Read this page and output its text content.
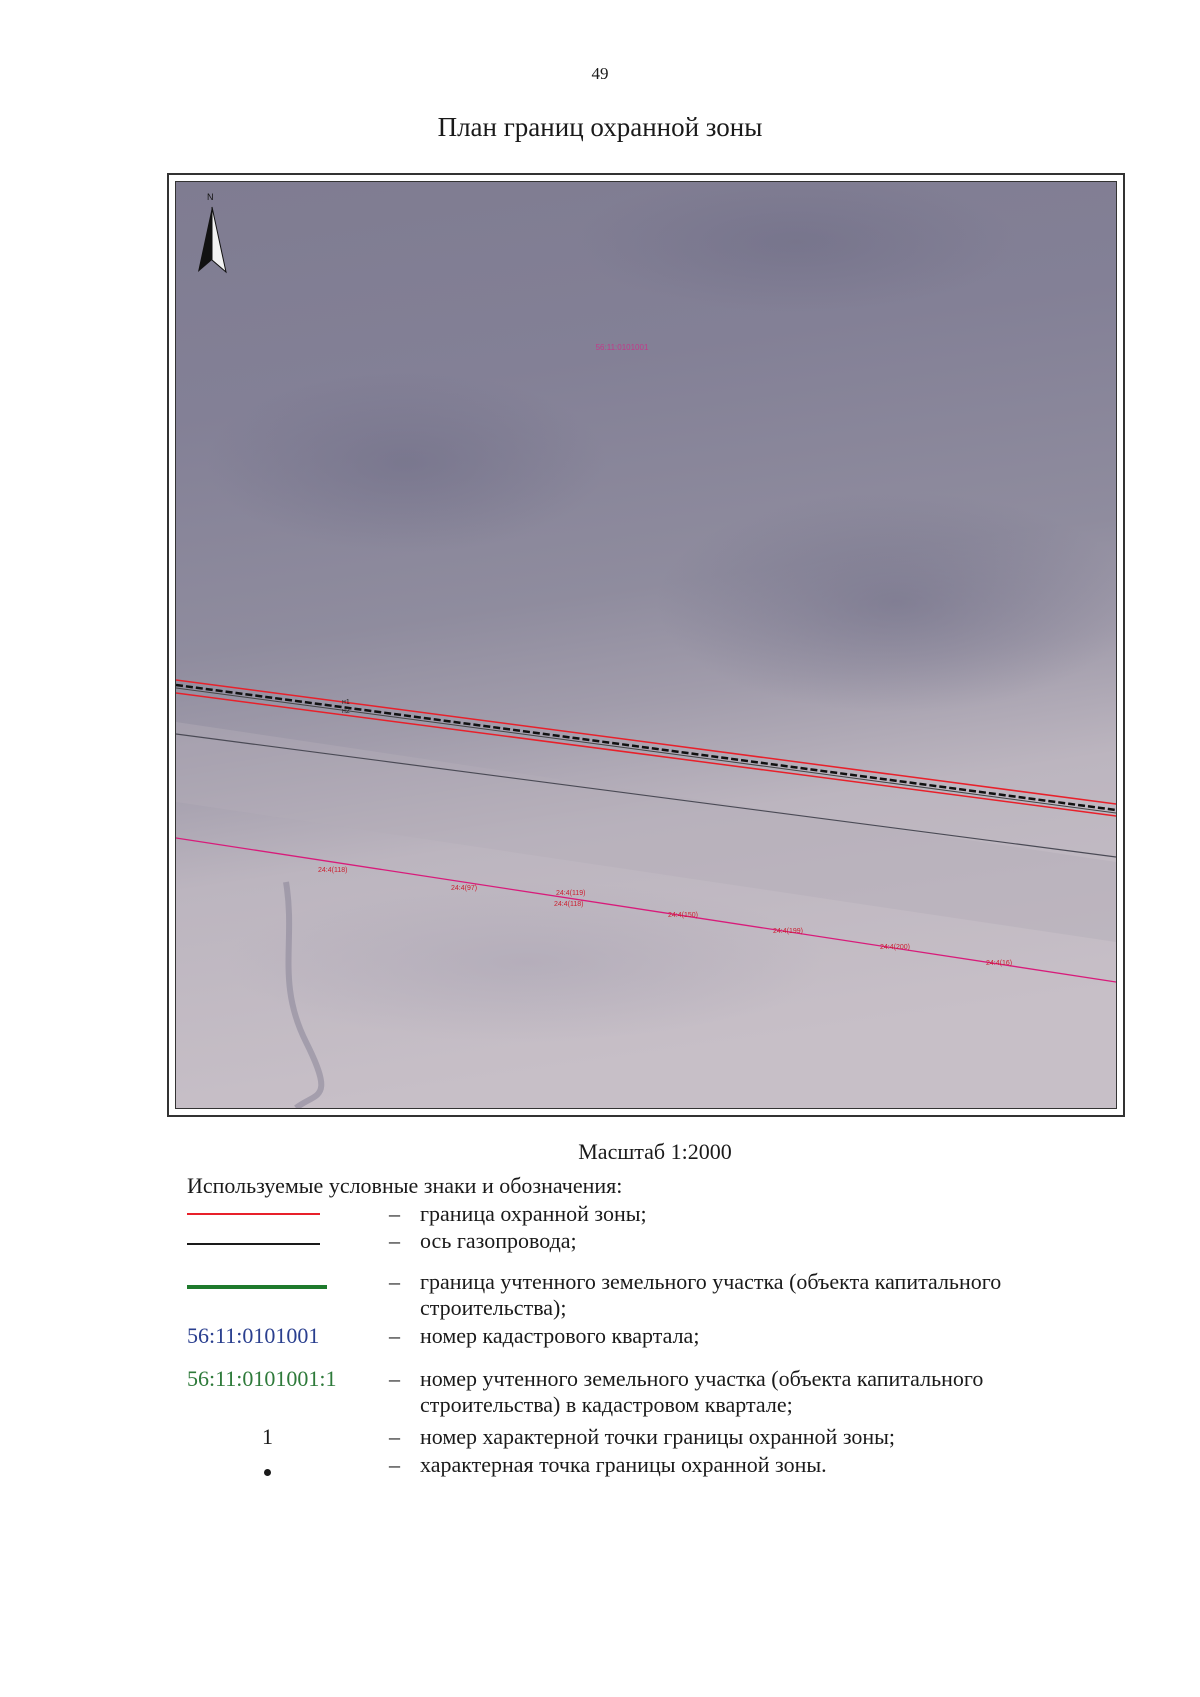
49
План границ охранной зоны
N
56:11:0101001
н1
н2
24:4(118)
24:4(97)
24:4(119)
24:4(118)
24:4(150)
24:4(199)
24:4(200)
24:4(16)
Масштаб 1:2000
Используемые условные знаки и обозначения:
– граница охранной зоны;
– ось газопровода;
– граница учтенного земельного участка (объекта капитального
строительства);
56:11:0101001	– номер кадастрового квартала;
56:11:0101001:1	– номер учтенного земельного участка (объекта капитального
строительства) в кадастровом квартале;
1	– номер характерной точки границы охранной зоны;
– характерная точка границы охранной зоны.
